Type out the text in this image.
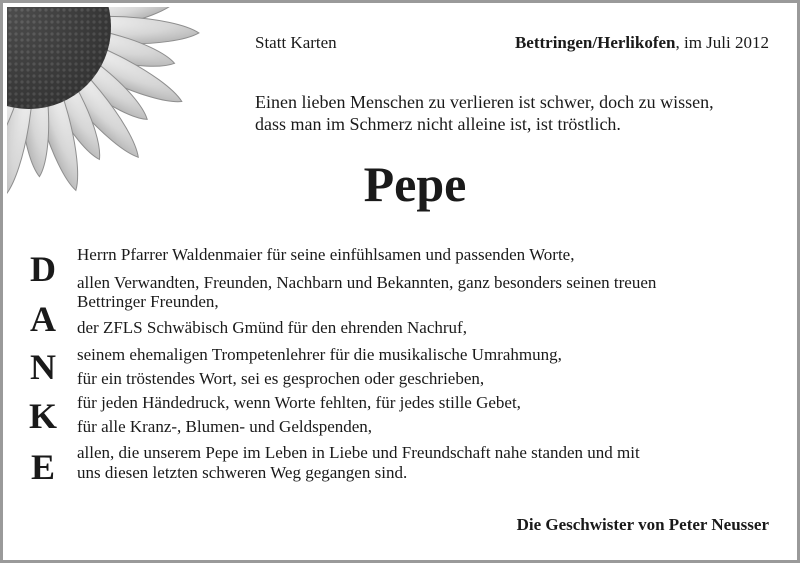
Statt Karten	Bettringen/Herlikofen, im Juli 2012
Einen lieben Menschen zu verlieren ist schwer, doch zu wissen,
dass man im Schmerz nicht alleine ist, ist tröstlich.
Pepe
D
A
N
K
E
Herrn Pfarrer Waldenmaier für seine einfühlsamen und passenden Worte,
allen Verwandten, Freunden, Nachbarn und Bekannten, ganz besonders seinen treuen
Bettringer Freunden,
der ZFLS Schwäbisch Gmünd für den ehrenden Nachruf,
seinem ehemaligen Trompetenlehrer für die musikalische Umrahmung,
für ein tröstendes Wort, sei es gesprochen oder geschrieben,
für jeden Händedruck, wenn Worte fehlten, für jedes stille Gebet,
für alle Kranz-, Blumen- und Geldspenden,
allen, die unserem Pepe im Leben in Liebe und Freundschaft nahe standen und mit
uns diesen letzten schweren Weg gegangen sind.
Die Geschwister von Peter Neusser
